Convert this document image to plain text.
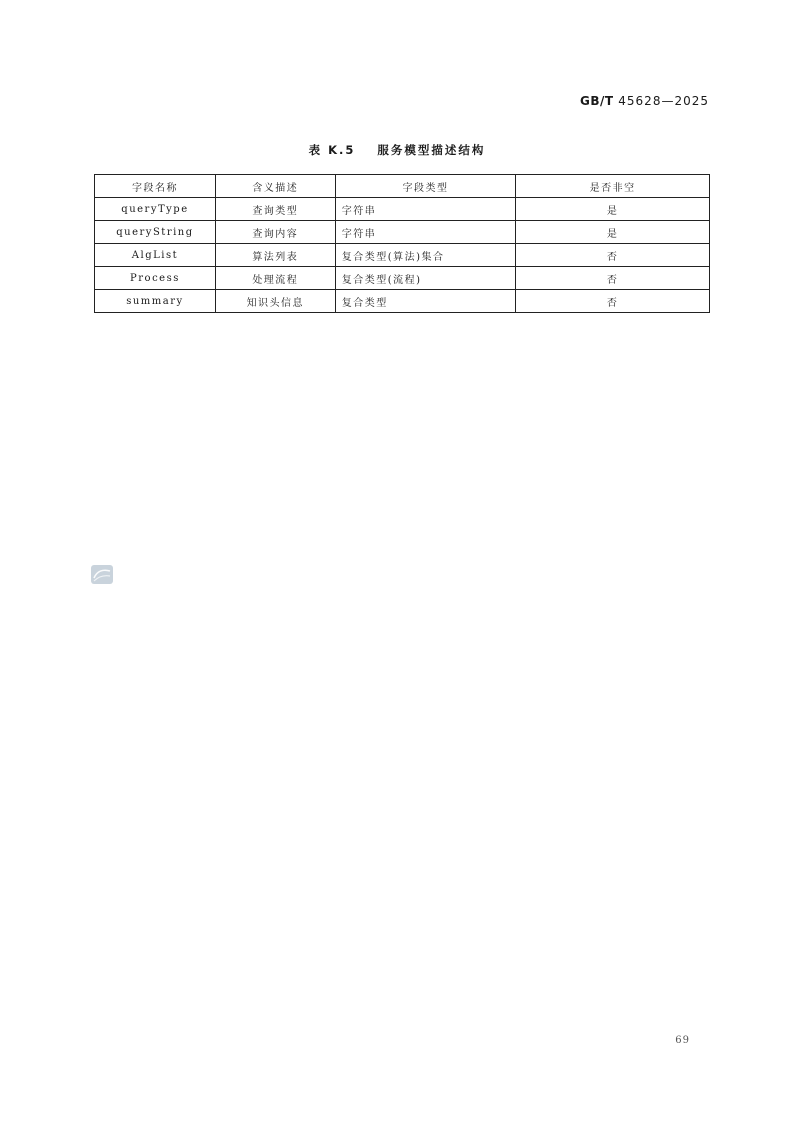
GB/T 45628—2025
表 K.5 服务模型描述结构
字段名称	含义描述	字段类型	是否非空
queryType	查询类型	字符串	是
queryString	查询内容	字符串	是
AlgList	算法列表	复合类型(算法)集合	否
Process	处理流程	复合类型(流程)	否
summary	知识头信息	复合类型	否
69
